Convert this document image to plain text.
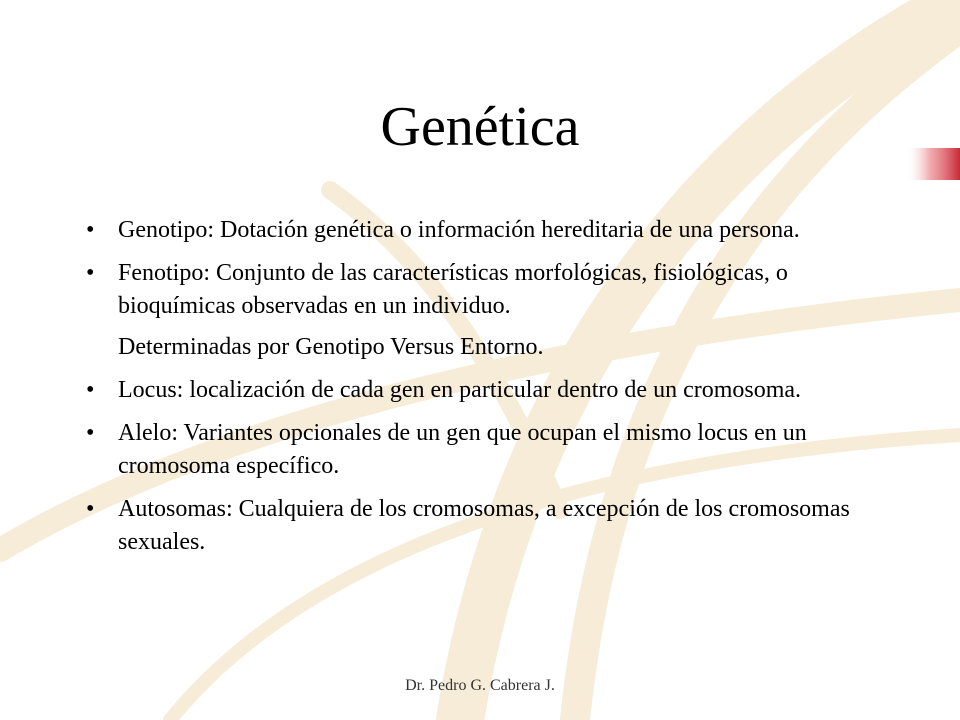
Genética
• Genotipo: Dotación genética o información hereditaria de una persona.
• Fenotipo: Conjunto de las características morfológicas, fisiológicas, o bioquímicas observadas en un individuo.
Determinadas por Genotipo Versus Entorno.
• Locus: localización de cada gen en particular dentro de un cromosoma.
• Alelo: Variantes opcionales de un gen que ocupan el mismo locus en un cromosoma específico.
• Autosomas: Cualquiera de los cromosomas, a excepción de los cromosomas sexuales.
Dr. Pedro G. Cabrera J.
